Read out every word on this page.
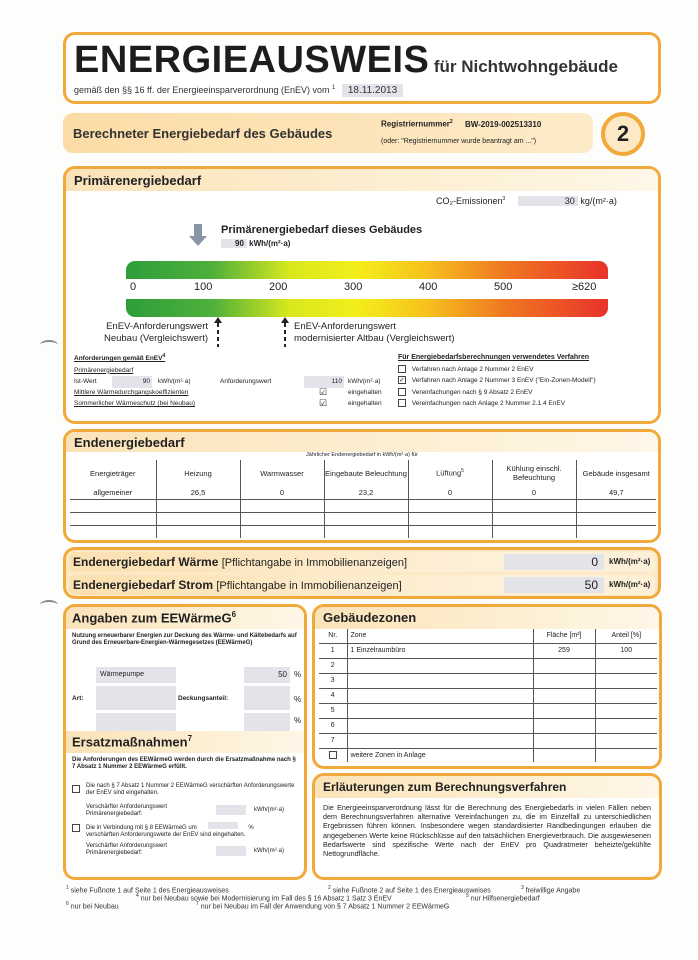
ENERGIEAUSWEIS für Nichtwohngebäude
gemäß den §§ 16 ff. der Energieeinsparverordnung (EnEV) vom $^1$ 18.11.2013
Berechneter Energiebedarf des Gebäudes
Registriernummer$^2$ BW-2019-002513310
(oder: "Registriernummer wurde beantragt am ...")	2
Primärenergiebedarf
CO₂-Emissionen$^3$	30 kg/(m²·a)
Primärenergiebedarf dieses Gebäudes
90 kWh/(m²·a)
0	100	200	300	400	500	≥620
EnEV-Anforderungswert
Neubau (Vergleichswert)
EnEV-Anforderungswert
modernisierter Altbau (Vergleichswert)
Anforderungen gemäß EnEV$^4$
Primärenergiebedarf
Ist-Wert	90	kWh/(m²·a)	Anforderungswert	110 kWh/(m²·a)
Mittlere Wärmedurchgangskoeffizienten	☑	eingehalten
Sommerlicher Wärmeschutz (bei Neubau)	☑	eingehalten
Für Energiebedarfsberechnungen verwendetes Verfahren
Verfahren nach Anlage 2 Nummer 2 EnEV
✓ Verfahren nach Anlage 2 Nummer 3 EnEV ("Ein-Zonen-Modell")
Vereinfachungen nach § 9 Absatz 2 EnEV
Vereinfachungen nach Anlage 2 Nummer 2.1.4 EnEV
Endenergiebedarf
Jährlicher Endenergiebedarf in kWh/(m²·a) für
Energieträger	Heizung	Warmwasser	Eingebaute Beleuchtung	Lüftung$^5$	Kühlung einschl. Befeuchtung	Gebäude insgesamt
allgemeiner	26,5	0	23,2	0	0	49,7

Endenergiebedarf Wärme [Pflichtangabe in Immobilienanzeigen]	0	kWh/(m²·a)
Endenergiebedarf Strom [Pflichtangabe in Immobilienanzeigen]	50	kWh/(m²·a)
Angaben zum EEWärmeG$^6$
Nutzung erneuerbarer Energien zur Deckung des Wärme- und Kältebedarfs auf Grund des Erneuerbare-Energien-Wärmegesetzes (EEWärmeG)
Wärmepumpe
Art:	Deckungsanteil:
50 %
%
%
Ersatzmaßnahmen$^7$
Die Anforderungen des EEWärmeG werden durch die Ersatzmaßnahme nach § 7 Absatz 1 Nummer 2 EEWärmeG erfüllt.
Die nach § 7 Absatz 1 Nummer 2 EEWärmeG verschärften Anforderungswerte der EnEV sind eingehalten.
Verschärfter Anforderungswert Primärenergiebedarf:
kWh/(m²·a)
Die in Verbindung mit § 8 EEWärmeG um	%
verschärften Anforderungswerte der EnEV sind eingehalten.
Verschärfter Anforderungswert Primärenergiebedarf:	kWh/(m²·a)
Gebäudezonen
Nr.	Zone	Fläche [m²]	Anteil [%]
1	1 Einzelraumbüro	259	100
2			
3			
4			
5			
6			
7			
	weitere Zonen in Anlage		
Erläuterungen zum Berechnungsverfahren
Die Energieeinsparverordnung lässt für die Berechnung des Energiebedarfs in vielen Fällen neben dem Berechnungsverfahren alternative Vereinfachungen zu, die im Einzelfall zu unterschiedlichen Ergebnissen führen können. Insbesondere wegen standardisierter Randbedingungen erlauben die angegebenen Werte keine Rückschlüsse auf den tatsächlichen Energieverbrauch. Die ausgewiesenen Bedarfswerte sind spezifische Werte nach der EnEV pro Quadratmeter beheizte/gekühlte Nettogrundfläche.
$^1$ siehe Fußnote 1 auf Seite 1 des Energieausweises	$^2$ siehe Fußnote 2 auf Seite 1 des Energieausweises	$^3$ freiwillige Angabe
$^4$ nur bei Neubau sowie bei Modernisierung im Fall des § 16 Absatz 1 Satz 3 EnEV	$^5$ nur Hilfsenergiebedarf
$^6$ nur bei Neubau	$^7$ nur bei Neubau im Fall der Anwendung von § 7 Absatz 1 Nummer 2 EEWärmeG
